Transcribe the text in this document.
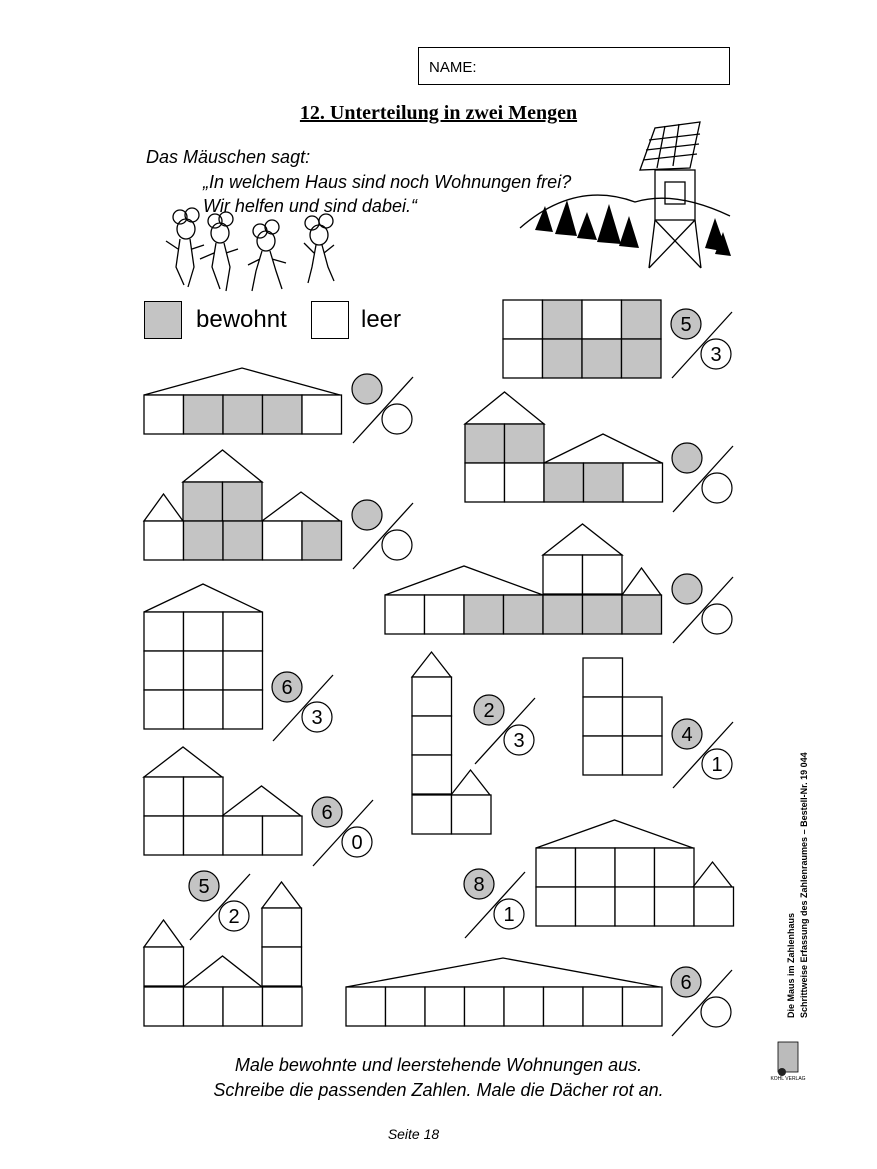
NAME:
12. Unterteilung in zwei Mengen
Das Mäuschen sagt:
„In welchem Haus sind noch Wohnungen frei?
Wir helfen und sind dabei.“
bewohnt	leer	5
3
6
3	2
3	4
1
6
0
8
1
5
2
6
Male bewohnte und leerstehende Wohnungen aus.
Schreibe die passenden Zahlen. Male die Dächer rot an.
Seite 18
Die Maus im Zahlenhaus Schrittweise Erfassung des Zahlenraumes – Bestell-Nr. 19 044
KOHL VERLAG
